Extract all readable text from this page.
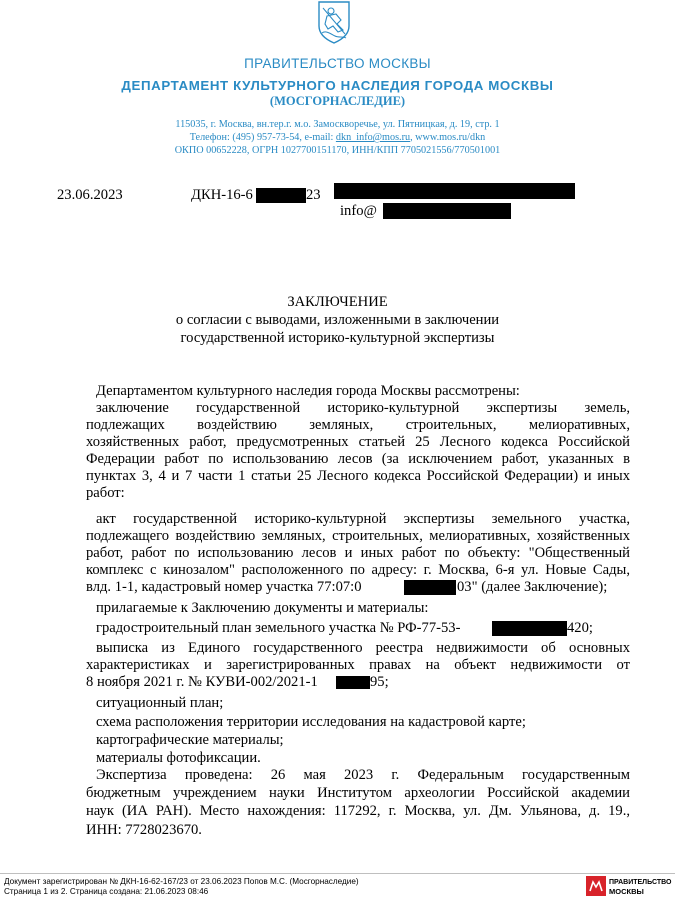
ПРАВИТЕЛЬСТВО МОСКВЫ
ДЕПАРТАМЕНТ КУЛЬТУРНОГО НАСЛЕДИЯ ГОРОДА МОСКВЫ
(МОСГОРНАСЛЕДИЕ)
115035, г. Москва, вн.тер.г. м.о. Замоскворечье, ул. Пятницкая, д. 19, стр. 1
Телефон: (495) 957-73-54, e-mail: dkn_info@mos.ru, www.mos.ru/dkn
ОКПО 00652228, ОГРН 1027700151170, ИНН/КПП 7705021556/770501001
23.06.2023	ДКН-16-6	23
info@
ЗАКЛЮЧЕНИЕ
о согласии с выводами, изложенными в заключении
государственной историко-культурной экспертизы
Департаментом культурного наследия города Москвы рассмотрены:
заключение государственной историко-культурной экспертизы земель,
подлежащих воздействию земляных, строительных, мелиоративных,
хозяйственных работ, предусмотренных статьей 25 Лесного кодекса Российской
Федерации работ по использованию лесов (за исключением работ, указанных в
пунктах 3, 4 и 7 части 1 статьи 25 Лесного кодекса Российской Федерации) и иных
работ:
акт государственной историко-культурной экспертизы земельного участка,
подлежащего воздействию земляных, строительных, мелиоративных, хозяйственных
работ, работ по использованию лесов и иных работ по объекту: "Общественный
комплекс с кинозалом" расположенного по адресу: г. Москва, 6-я ул. Новые Сады,
влд. 1-1, кадастровый номер участка 77:07:0	03" (далее Заключение);
прилагаемые к Заключению документы и материалы:
градостроительный план земельного участка № РФ-77-53-	420;
выписка из Единого государственного реестра недвижимости об основных
характеристиках и зарегистрированных правах на объект недвижимости от
8 ноября 2021 г. № КУВИ-002/2021-1	95;
ситуационный план;
схема расположения территории исследования на кадастровой карте;
картографические материалы;
материалы фотофиксации.
Экспертиза проведена: 26 мая 2023 г. Федеральным государственным
бюджетным учреждением науки Институтом археологии Российской академии
наук (ИА РАН). Место нахождения: 117292, г. Москва, ул. Дм. Ульянова, д. 19.,
ИНН: 7728023670.
Документ зарегистрирован № ДКН-16-62-167/23 от 23.06.2023 Попов М.С. (Мосгорнаследие)
Страница 1 из 2. Страница создана: 21.06.2023 08:46
ПРАВИТЕЛЬСТВО
МОСКВЫ
